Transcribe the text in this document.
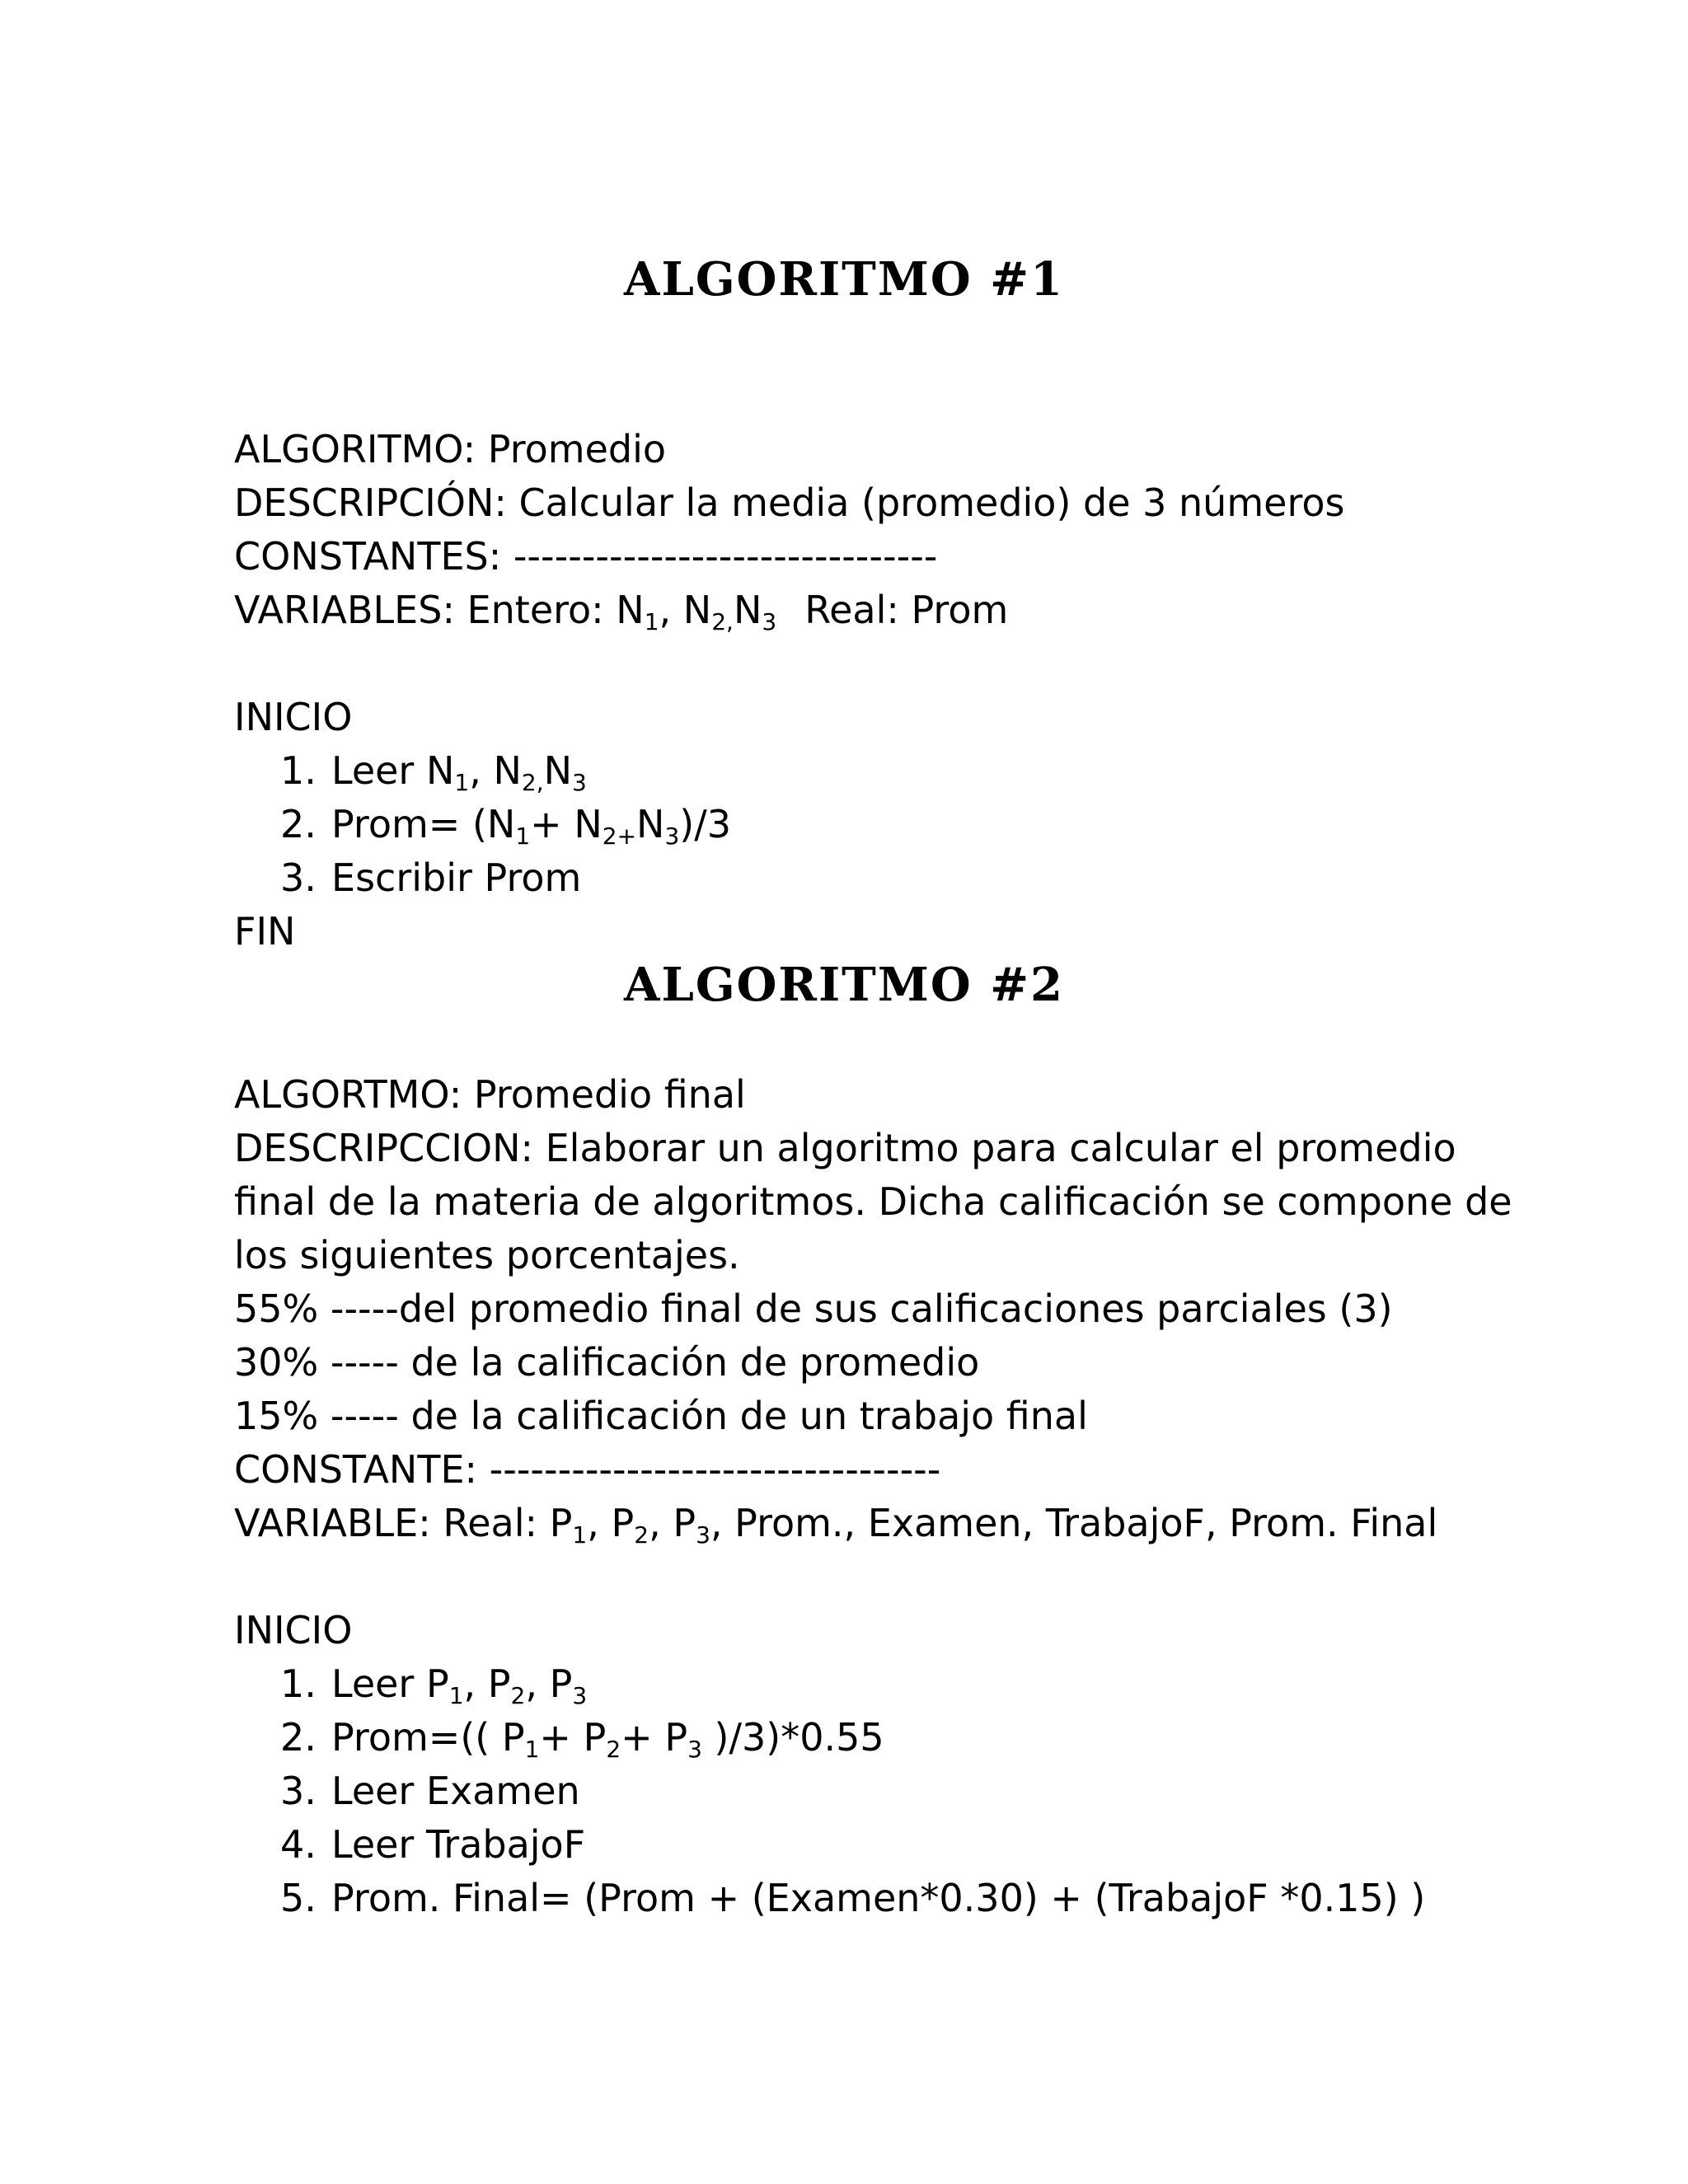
ALGORITMO #1

ALGORITMO: Promedio

DESCRIPCIÓN: Calcular la media (promedio) de 3 números

CONSTANTES: -------------------------------

VARIABLES: Entero: $N_1$, $N_{2,}N_3$ Real: Prom

INICIO

1. Leer $N_1$, $N_{2,}N_3$

2. Prom= $(N_1+ N_{2+}N_3)/3$

3. Escribir Prom

FIN

ALGORITMO #2

ALGORTMO: Promedio final

DESCRIPCCION: Elaborar un algoritmo para calcular el promedio

final de la materia de algoritmos. Dicha calificación se compone de

los siguientes porcentajes.

55% -----del promedio final de sus calificaciones parciales (3)

30% ----- de la calificación de promedio

15% ----- de la calificación de un trabajo final

CONSTANTE: ---------------------------------

VARIABLE: Real: $P_1$, $P_2$, $P_3$, Prom., Examen, TrabajoF, Prom. Final

INICIO

1. Leer $P_1$, $P_2$, $P_3$

2. Prom=(( $P_1+ P_2+ P_3$ )/3)*0.55

3. Leer Examen

4. Leer TrabajoF

5. Prom. Final= (Prom + (Examen*0.30) + (TrabajoF *0.15) )
